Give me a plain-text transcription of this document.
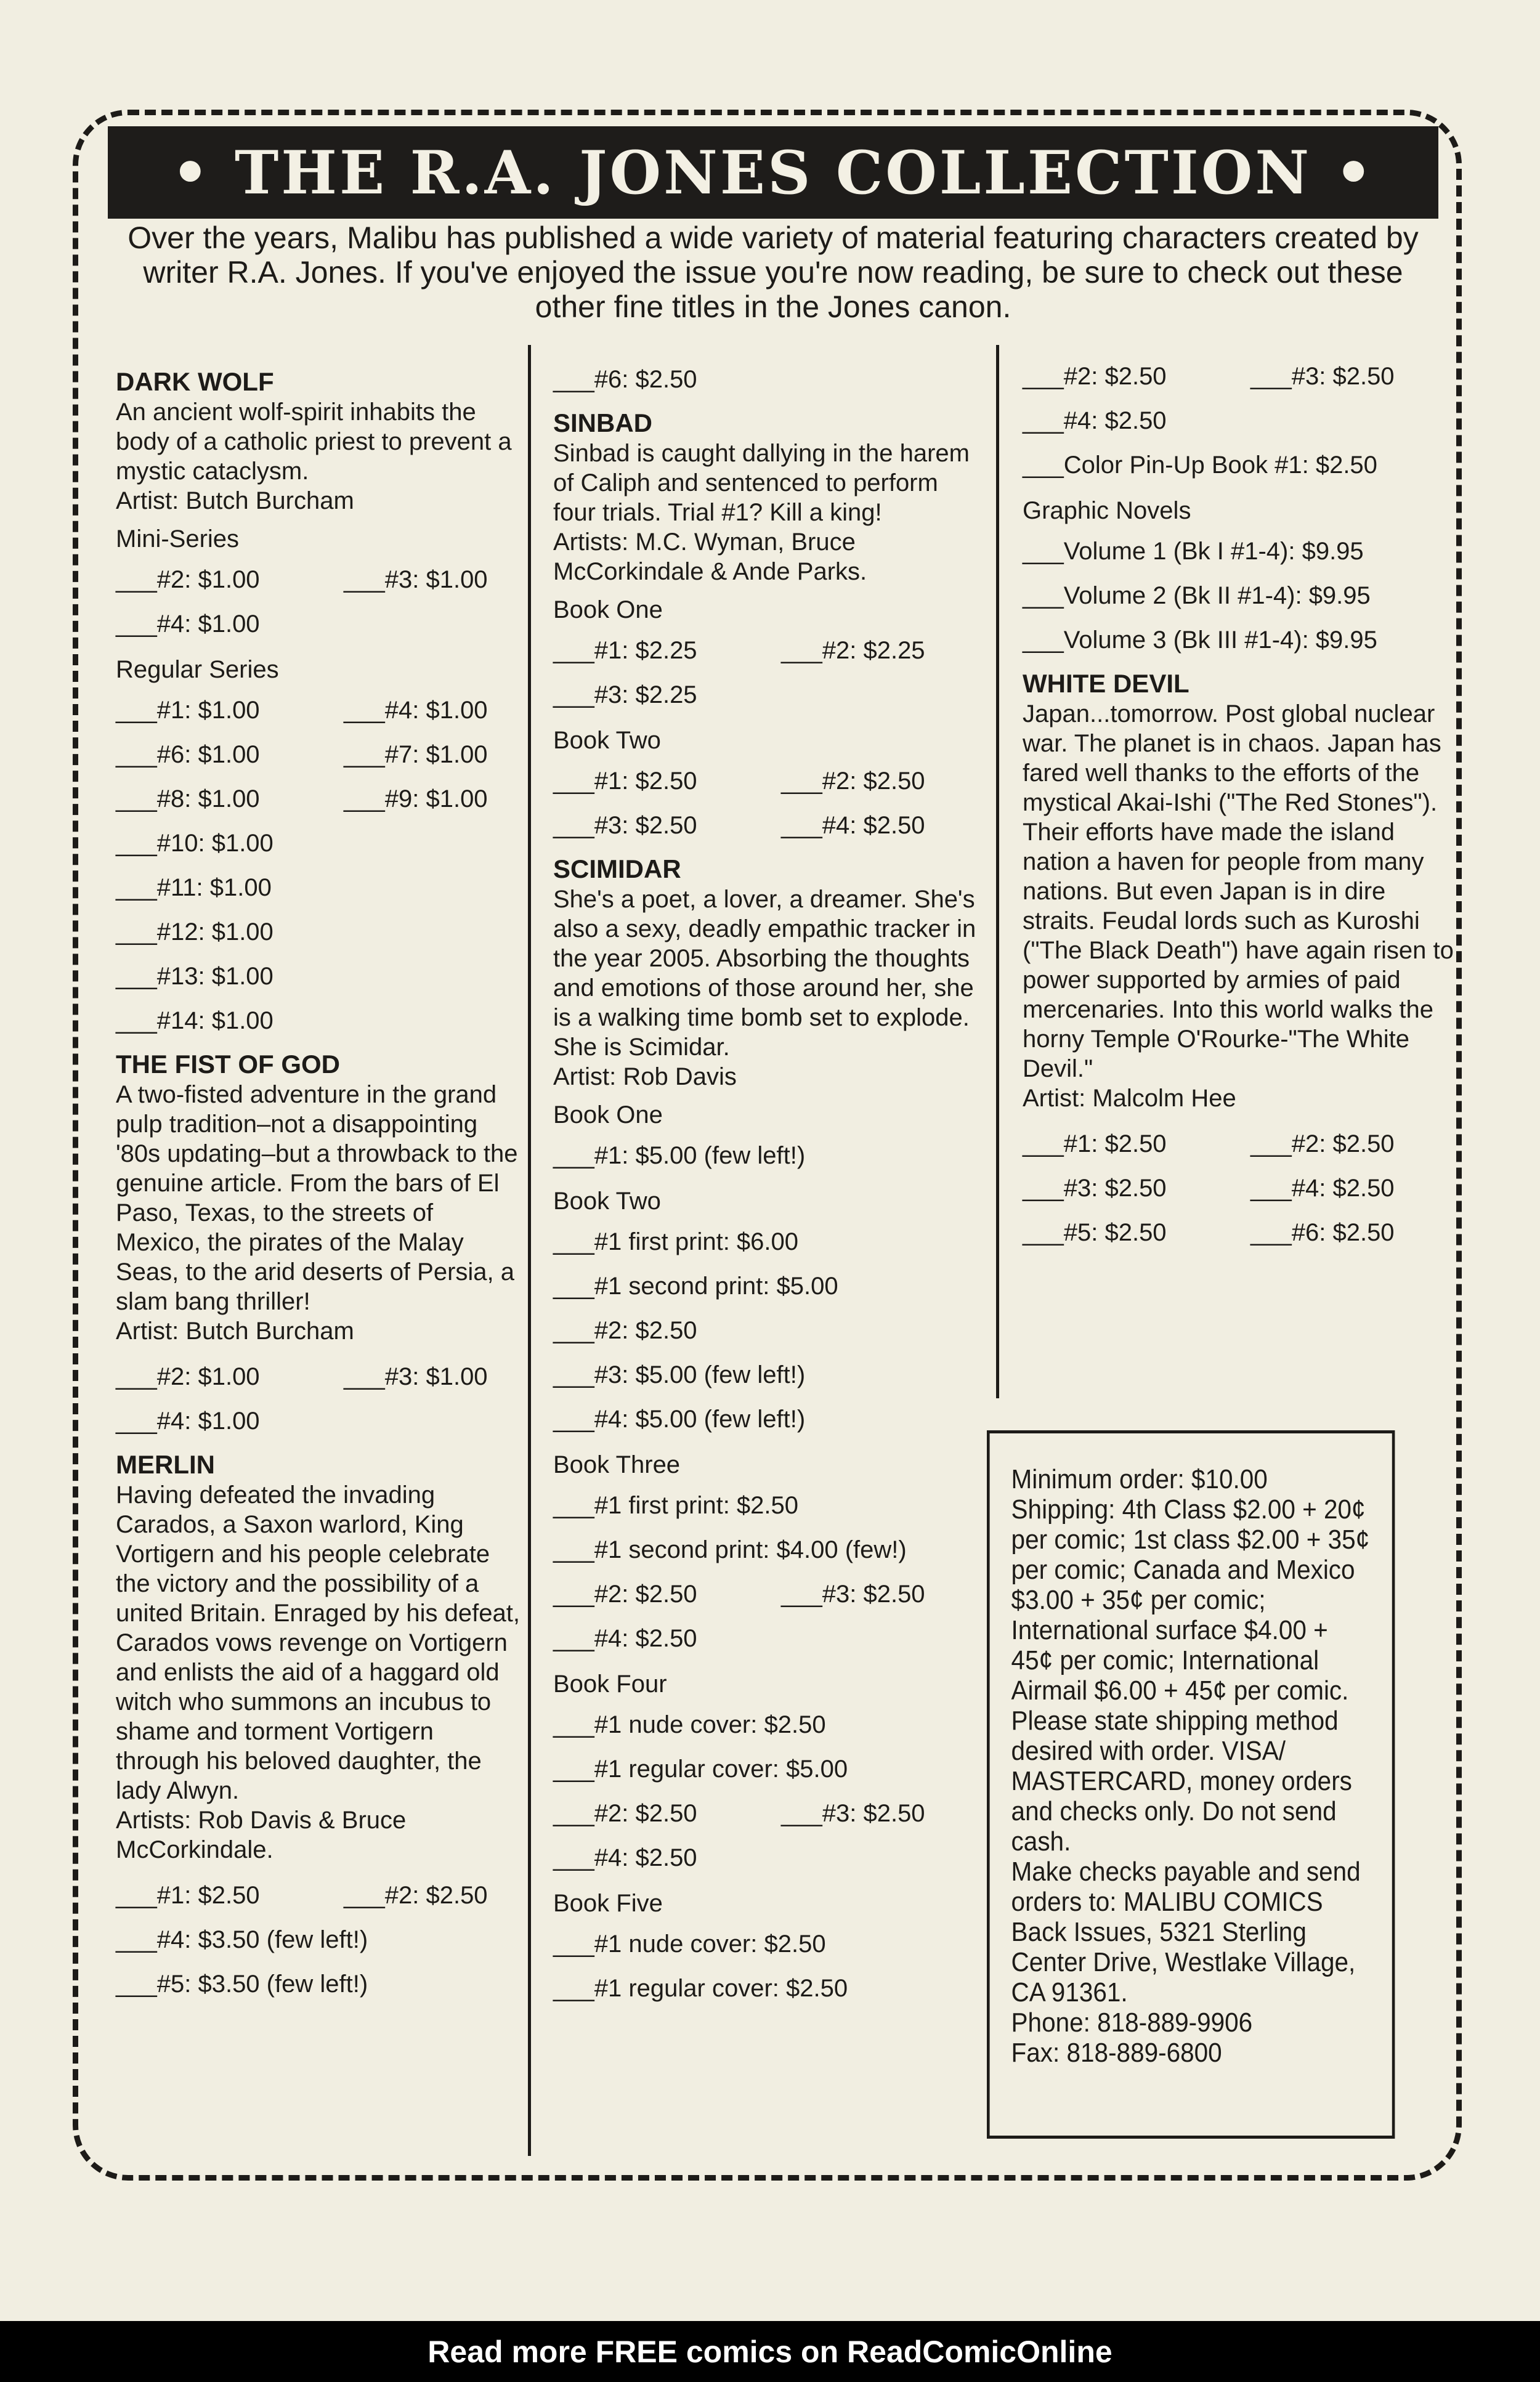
• THE R.A. JONES COLLECTION •
Over the years, Malibu has published a wide variety of material featuring characters created by writer R.A. Jones. If you've enjoyed the issue you're now reading, be sure to check out these other fine titles in the Jones canon.

DARK WOLF

An ancient wolf-spirit inhabits the body of a catholic priest to prevent a mystic cataclysm.

Artist: Butch Burcham

Mini-Series

___#2: $1.00	___#3: $1.00
___#4: $1.00

Regular Series

___#1: $1.00	___#4: $1.00
___#6: $1.00	___#7: $1.00
___#8: $1.00	___#9: $1.00
___#10: $1.00
___#11: $1.00
___#12: $1.00
___#13: $1.00
___#14: $1.00

THE FIST OF GOD

A two-fisted adventure in the grand pulp tradition–not a disappointing '80s updating–but a throwback to the genuine article. From the bars of El Paso, Texas, to the streets of Mexico, the pirates of the Malay Seas, to the arid deserts of Persia, a slam bang thriller!

Artist: Butch Burcham

___#2: $1.00	___#3: $1.00
___#4: $1.00

MERLIN

Having defeated the invading Carados, a Saxon warlord, King Vortigern and his people celebrate the victory and the possibility of a united Britain. Enraged by his defeat, Carados vows revenge on Vortigern and enlists the aid of a haggard old witch who summons an incubus to shame and torment Vortigern through his beloved daughter, the lady Alwyn.

Artists: Rob Davis & Bruce McCorkindale.

___#1: $2.50	___#2: $2.50
___#4: $3.50 (few left!)
___#5: $3.50 (few left!)
___#6: $2.50

SINBAD

Sinbad is caught dallying in the harem of Caliph and sentenced to perform four trials. Trial #1? Kill a king!

Artists: M.C. Wyman, Bruce McCorkindale & Ande Parks.

Book One

___#1: $2.25	___#2: $2.25
___#3: $2.25

Book Two

___#1: $2.50	___#2: $2.50
___#3: $2.50	___#4: $2.50

SCIMIDAR

She's a poet, a lover, a dreamer. She's also a sexy, deadly empathic tracker in the year 2005. Absorbing the thoughts and emotions of those around her, she is a walking time bomb set to explode. She is Scimidar.

Artist: Rob Davis

Book One

___#1: $5.00 (few left!)

Book Two

___#1 first print: $6.00
___#1 second print: $5.00
___#2: $2.50
___#3: $5.00 (few left!)
___#4: $5.00 (few left!)

Book Three

___#1 first print: $2.50
___#1 second print: $4.00 (few!)
___#2: $2.50	___#3: $2.50
___#4: $2.50

Book Four

___#1 nude cover: $2.50
___#1 regular cover: $5.00
___#2: $2.50	___#3: $2.50
___#4: $2.50

Book Five

___#1 nude cover: $2.50
___#1 regular cover: $2.50
___#2: $2.50	___#3: $2.50
___#4: $2.50
___Color Pin-Up Book #1: $2.50

Graphic Novels

___Volume 1 (Bk I #1-4): $9.95
___Volume 2 (Bk II #1-4): $9.95
___Volume 3 (Bk III #1-4): $9.95

WHITE DEVIL

Japan...tomorrow. Post global nuclear war. The planet is in chaos. Japan has fared well thanks to the efforts of the mystical Akai-Ishi ("The Red Stones"). Their efforts have made the island nation a haven for people from many nations. But even Japan is in dire straits. Feudal lords such as Kuroshi ("The Black Death") have again risen to power supported by armies of paid mercenaries. Into this world walks the horny Temple O'Rourke-"The White Devil."

Artist: Malcolm Hee

___#1: $2.50	___#2: $2.50
___#3: $2.50	___#4: $2.50
___#5: $2.50	___#6: $2.50

Minimum order: $10.00

Shipping: 4th Class $2.00 + 20¢ per comic; 1st class $2.00 + 35¢ per comic; Canada and Mexico $3.00 + 35¢ per comic; International surface $4.00 + 45¢ per comic; International Airmail $6.00 + 45¢ per comic.

Please state shipping method desired with order. VISA/ MASTERCARD, money orders and checks only. Do not send cash.

Make checks payable and send orders to: MALIBU COMICS Back Issues, 5321 Sterling Center Drive, Westlake Village, CA 91361.

Phone: 818-889-9906

Fax: 818-889-6800

Read more FREE comics on ReadComicOnline
